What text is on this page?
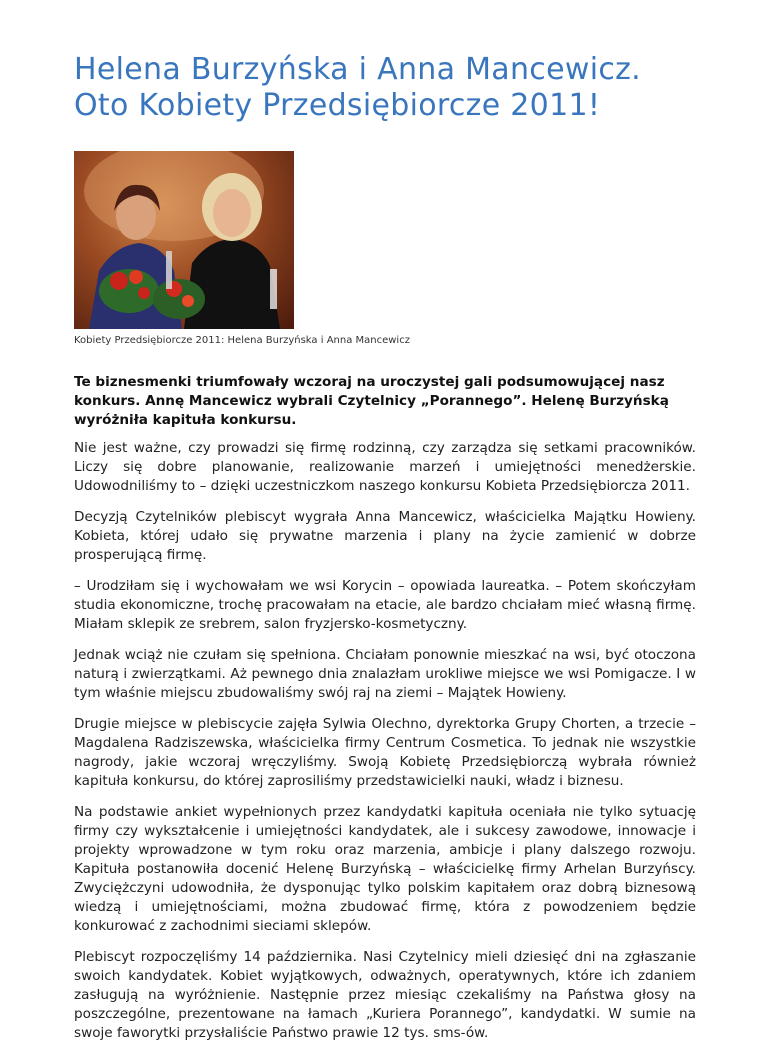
Helena Burzyńska i Anna Mancewicz.
Oto Kobiety Przedsiębiorcze 2011!
Kobiety Przedsiębiorcze 2011: Helena Burzyńska i Anna Mancewicz

Te biznesmenki triumfowały wczoraj na uroczystej gali podsumowującej nasz konkurs. Annę Mancewicz wybrali Czytelnicy „Porannego”. Helenę Burzyńską wyróżniła kapituła konkursu.

Nie jest ważne, czy prowadzi się firmę rodzinną, czy zarządza się setkami pracowników. Liczy się dobre planowanie, realizowanie marzeń i umiejętności menedżerskie. Udowodniliśmy to – dzięki uczestniczkom naszego konkursu Kobieta Przedsiębiorcza 2011.

Decyzją Czytelników plebiscyt wygrała Anna Mancewicz, właścicielka Majątku Howieny. Kobieta, której udało się prywatne marzenia i plany na życie zamienić w dobrze prosperującą firmę.

– Urodziłam się i wychowałam we wsi Korycin – opowiada laureatka. – Potem skończyłam studia ekonomiczne, trochę pracowałam na etacie, ale bardzo chciałam mieć własną firmę. Miałam sklepik ze srebrem, salon fryzjersko-kosmetyczny.

Jednak wciąż nie czułam się spełniona. Chciałam ponownie mieszkać na wsi, być otoczona naturą i zwierzątkami. Aż pewnego dnia znalazłam urokliwe miejsce we wsi Pomigacze. I w tym właśnie miejscu zbudowaliśmy swój raj na ziemi – Majątek Howieny.

Drugie miejsce w plebiscycie zajęła Sylwia Olechno, dyrektorka Grupy Chorten, a trzecie – Magdalena Radziszewska, właścicielka firmy Centrum Cosmetica. To jednak nie wszystkie nagrody, jakie wczoraj wręczyliśmy. Swoją Kobietę Przedsiębiorczą wybrała również kapituła konkursu, do której zaprosiliśmy przedstawicielki nauki, władz i biznesu.

Na podstawie ankiet wypełnionych przez kandydatki kapituła oceniała nie tylko sytuację firmy czy wykształcenie i umiejętności kandydatek, ale i sukcesy zawodowe, innowacje i projekty wprowadzone w tym roku oraz marzenia, ambicje i plany dalszego rozwoju. Kapituła postanowiła docenić Helenę Burzyńską – właścicielkę firmy Arhelan Burzyńscy. Zwyciężczyni udowodniła, że dysponując tylko polskim kapitałem oraz dobrą biznesową wiedzą i umiejętnościami, można zbudować firmę, która z powodzeniem będzie konkurować z zachodnimi sieciami sklepów.

Plebiscyt rozpoczęliśmy 14 października. Nasi Czytelnicy mieli dziesięć dni na zgłaszanie swoich kandydatek. Kobiet wyjątkowych, odważnych, operatywnych, które ich zdaniem zasługują na wyróżnienie. Następnie przez miesiąc czekaliśmy na Państwa głosy na poszczególne, prezentowane na łamach „Kuriera Porannego”, kandydatki. W sumie na swoje faworytki przysłaliście Państwo prawie 12 tys. sms-ów.
